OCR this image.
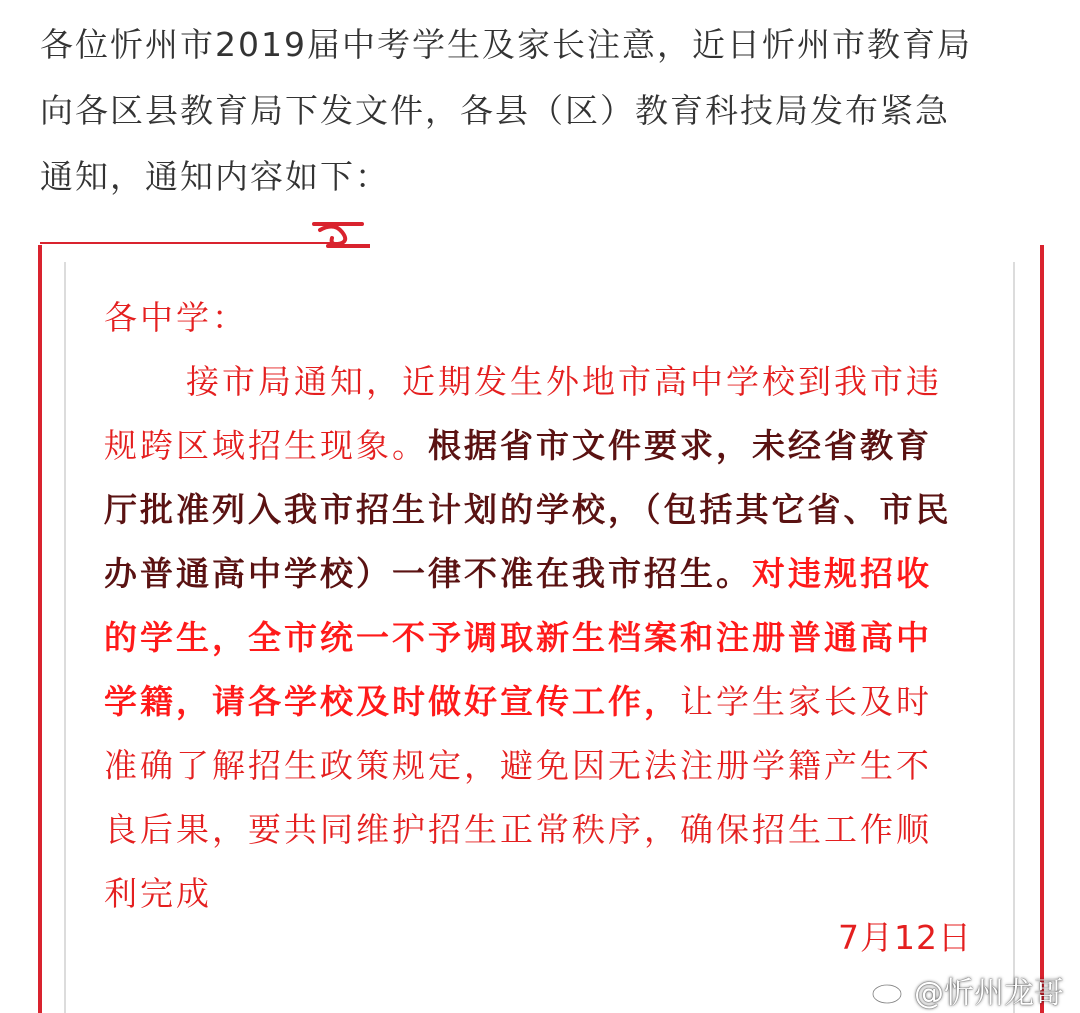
各位忻州市2019届中考学生及家长注意，近日忻州市教育局
向各区县教育局下发文件，各县（区）教育科技局发布紧急
通知，通知内容如下：
各中学：
接市局通知，近期发生外地市高中学校到我市违
规跨区域招生现象。根据省市文件要求，未经省教育
厅批准列入我市招生计划的学校，（包括其它省、市民
办普通高中学校）一律不准在我市招生。对违规招收
的学生，全市统一不予调取新生档案和注册普通高中
学籍，请各学校及时做好宣传工作，让学生家长及时
准确了解招生政策规定，避免因无法注册学籍产生不
良后果，要共同维护招生正常秩序，确保招生工作顺
利完成
7月12日
@忻州龙哥
